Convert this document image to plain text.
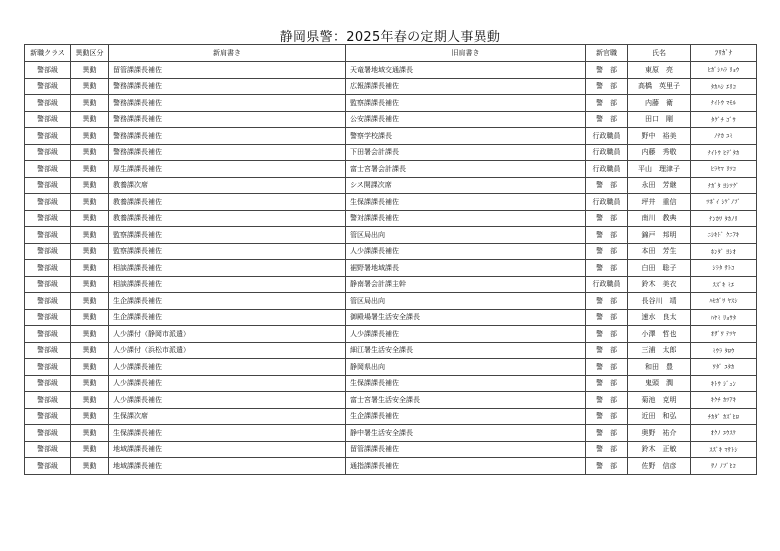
静岡県警：2025年春の定期人事異動
新職クラス	異動区分	新肩書き	旧肩書き	新官職	氏名	ﾌﾘｶﾞﾅ
警部級	異動	留管課課長補佐	天竜署地域交通課長	警　部	東原　亮	ﾋｶﾞｼﾊﾗ ﾘｮｳ
警部級	異動	警務課課長補佐	広報課課長補佐	警　部	高橋　英里子	ﾀｶﾊｼ ｴﾘｺ
警部級	異動	警務課課長補佐	監察課課長補佐	警　部	内藤　衛	ﾅｲﾄｳ ﾏﾓﾙ
警部級	異動	警務課課長補佐	公安課課長補佐	警　部	田口　剛	ﾀｸﾞﾁ ｺﾞｳ
警部級	異動	警務課課長補佐	警察学校課長	行政職員	野中　裕美	ﾉﾅｶ ﾕﾐ
警部級	異動	警務課課長補佐	下田署会計課長	行政職員	内藤　秀敬	ﾅｲﾄｳ ﾋﾃﾞﾀｶ
警部級	異動	厚生課課長補佐	富士宮署会計課長	行政職員	平山　理津子	ﾋﾗﾔﾏ ﾘﾂｺ
警部級	異動	教養課次席	シス開課次席	警　部	永田　芳継	ﾅｶﾞﾀ ﾖｼﾂｸﾞ
警部級	異動	教養課課長補佐	生保課課長補佐	行政職員	坪井　重信	ﾂﾎﾞｲ ｼｹﾞﾉﾌﾞ
警部級	異動	教養課課長補佐	警対課課長補佐	警　部	南川　教典	ﾅﾝｶﾜ ﾀｶﾉﾘ
警部級	異動	監察課課長補佐	管区局出向	警　部	錦戸　邦明	ﾆｼｷﾄﾞ ｸﾆｱｷ
警部級	異動	監察課課長補佐	人少課課長補佐	警　部	本田　芳生	ﾎﾝﾀﾞ ﾖｼｵ
警部級	異動	相談課課長補佐	裾野署地域課長	警　部	白田　聡子	ｼﾗﾀ ｻﾄｺ
警部級	異動	相談課課長補佐	静南署会計課主幹	行政職員	鈴木　美衣	ｽｽﾞｷ ﾐｴ
警部級	異動	生企課課長補佐	管区局出向	警　部	長谷川　靖	ﾊｾｶﾞﾜ ﾔｽｼ
警部級	異動	生企課課長補佐	御殿場署生活安全課長	警　部	速水　良太	ﾊﾔﾐ ﾘｮｳﾀ
警部級	異動	人少課付（静岡市派遣）	人少課課長補佐	警　部	小澤　哲也	ｵｻﾞﾜ ﾃﾂﾔ
警部級	異動	人少課付（浜松市派遣）	細江署生活安全課長	警　部	三浦　太郎	ﾐｳﾗ ﾀﾛｳ
警部級	異動	人少課課長補佐	静岡県出向	警　部	和田　豊	ﾜﾀﾞ ﾕﾀｶ
警部級	異動	人少課課長補佐	生保課課長補佐	警　部	鬼頭　潤	ｷﾄｳ ｼﾞｭﾝ
警部級	異動	人少課課長補佐	富士宮署生活安全課長	警　部	菊池　克明	ｷｸﾁ ｶﾂｱｷ
警部級	異動	生保課次席	生企課課長補佐	警　部	近田　和弘	ﾁｶﾀﾞ ｶｽﾞﾋﾛ
警部級	異動	生保課課長補佐	静中署生活安全課長	警　部	奥野　祐介	ｵｸﾉ ﾕｳｽｹ
警部級	異動	地域課課長補佐	留管課課長補佐	警　部	鈴木　正敏	ｽｽﾞｷ ﾏｻﾄｼ
警部級	異動	地域課課長補佐	通指課課長補佐	警　部	佐野　信彦	ｻﾉ ﾉﾌﾞﾋｺ
